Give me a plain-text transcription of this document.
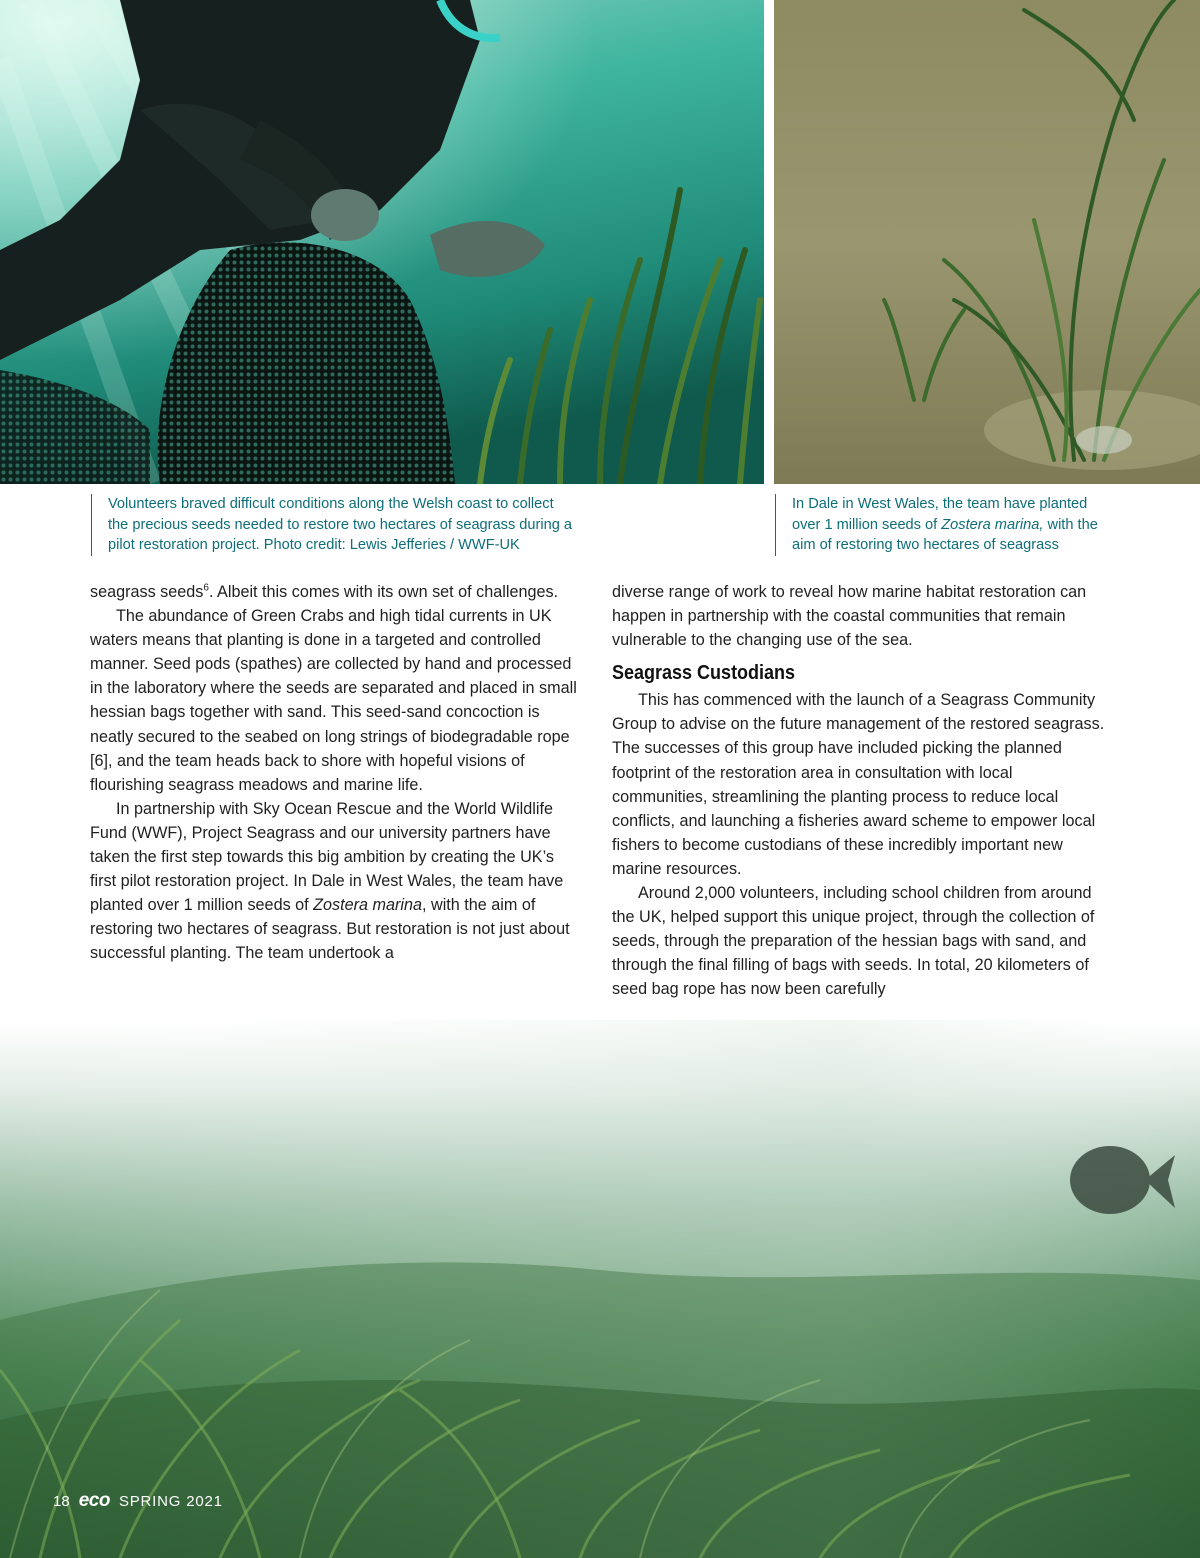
Volunteers braved difficult conditions along the Welsh coast to collect

the precious seeds needed to restore two hectares of seagrass during a

pilot restoration project. Photo credit: Lewis Jefferies / WWF-UK

In Dale in West Wales, the team have planted

over 1 million seeds of Zostera marina, with the

aim of restoring two hectares of seagrass

seagrass seeds$^6$. Albeit this comes with its own set of challenges.

The abundance of Green Crabs and high tidal currents in UK waters means that planting is done in a targeted and controlled manner. Seed pods (spathes) are collected by hand and processed in the laboratory where the seeds are separated and placed in small hessian bags together with sand. This seed-sand concoction is neatly secured to the seabed on long strings of biodegradable rope [6], and the team heads back to shore with hopeful visions of flourishing seagrass meadows and marine life.

In partnership with Sky Ocean Rescue and the World Wildlife Fund (WWF), Project Seagrass and our university partners have taken the first step towards this big ambition by creating the UK’s first pilot restoration project. In Dale in West Wales, the team have planted over 1 million seeds of Zostera marina, with the aim of restoring two hectares of seagrass. But restoration is not just about successful planting. The team undertook a

diverse range of work to reveal how marine habitat restoration can happen in partnership with the coastal communities that remain vulnerable to the changing use of the sea.

Seagrass Custodians

This has commenced with the launch of a Seagrass Community Group to advise on the future management of the restored seagrass. The successes of this group have included picking the planned footprint of the restoration area in consultation with local communities, streamlining the planting process to reduce local conflicts, and launching a fisheries award scheme to empower local fishers to become custodians of these incredibly important new marine resources.

Around 2,000 volunteers, including school children from around the UK, helped support this unique project, through the collection of seeds, through the preparation of the hessian bags with sand, and through the final filling of bags with seeds. In total, 20 kilometers of seed bag rope has now been carefully

18 eco SPRING 2021
